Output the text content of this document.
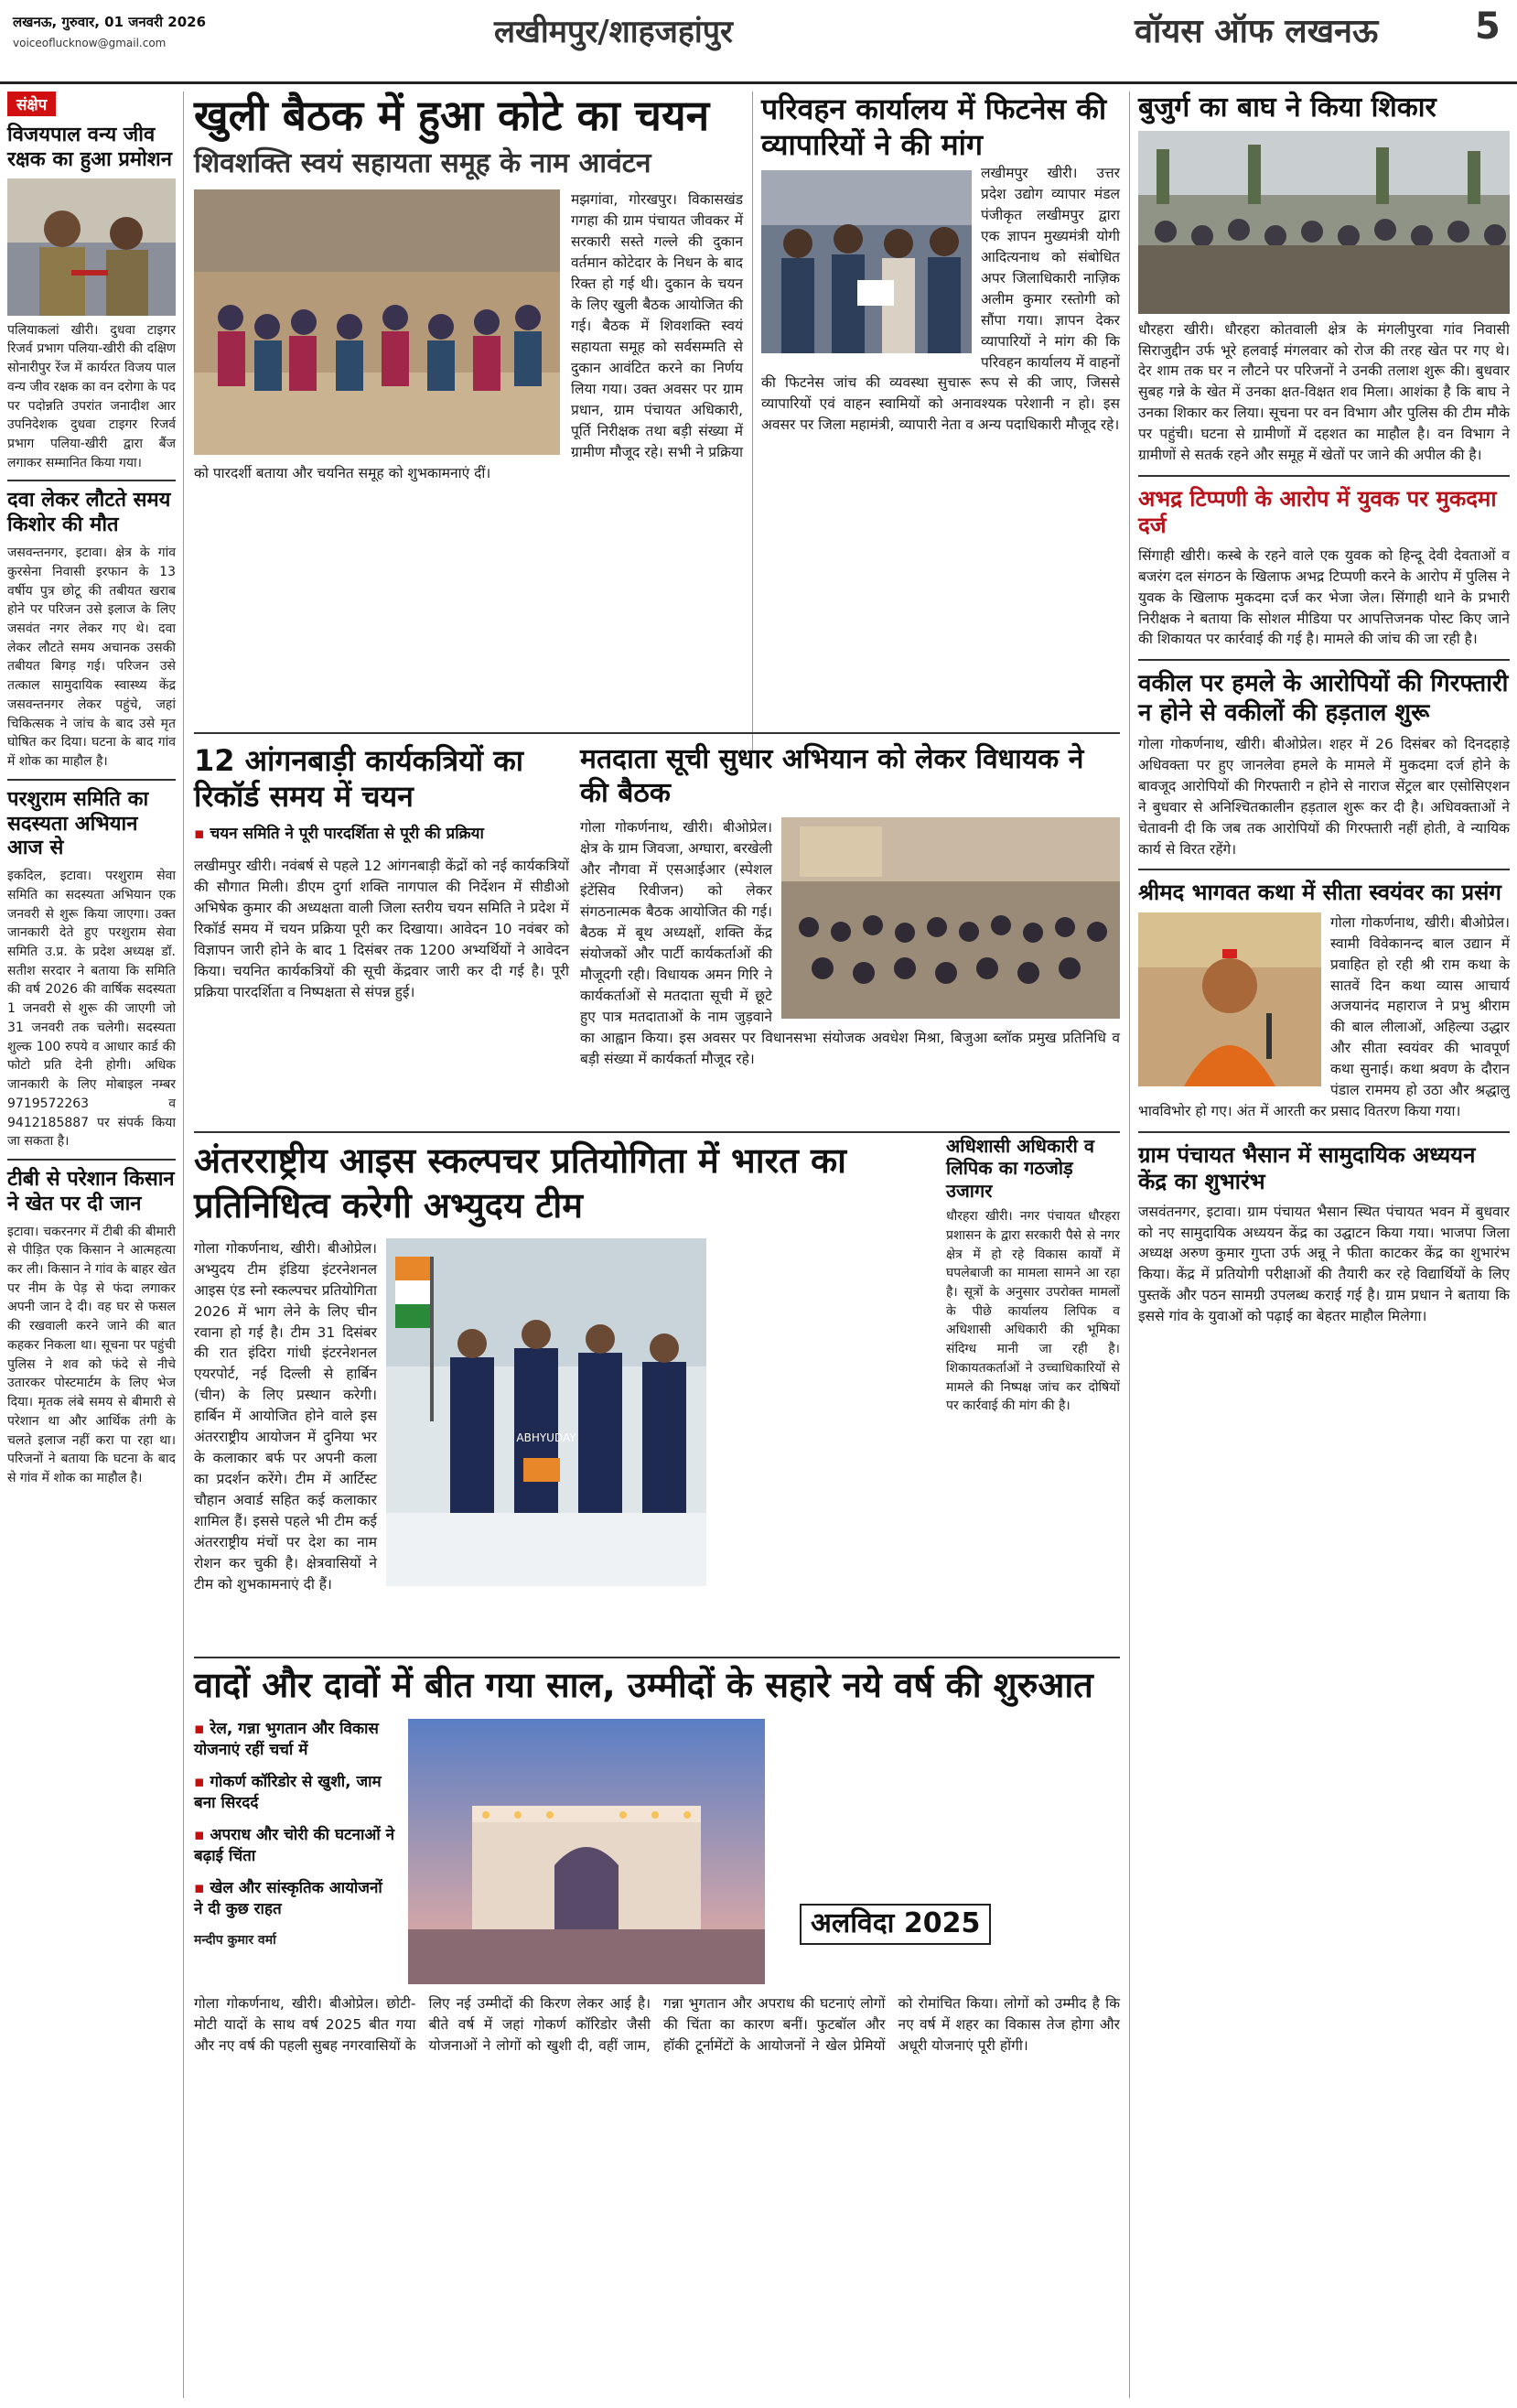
लखनऊ, गुरुवार, 01 जनवरी 2026
voiceoflucknow@gmail.com	लखीमपुर/शाहजहांपुर	वॉयस ऑफ लखनऊ	5
संक्षेप
विजयपाल वन्य जीव रक्षक का हुआ प्रमोशन
पलियाकलां खीरी। दुधवा टाइगर रिजर्व प्रभाग पलिया-खीरी की दक्षिण सोनारीपुर रेंज में कार्यरत विजय पाल वन्य जीव रक्षक का वन दरोगा के पद पर पदोन्नति उपरांत जनादीश आर उपनिदेशक दुधवा टाइगर रिजर्व प्रभाग पलिया-खीरी द्वारा बैंज लगाकर सम्मानित किया गया।
दवा लेकर लौटते समय किशोर की मौत
जसवन्तनगर, इटावा। क्षेत्र के गांव कुरसेना निवासी इरफान के 13 वर्षीय पुत्र छोटू की तबीयत खराब होने पर परिजन उसे इलाज के लिए जसवंत नगर लेकर गए थे। दवा लेकर लौटते समय अचानक उसकी तबीयत बिगड़ गई। परिजन उसे तत्काल सामुदायिक स्वास्थ्य केंद्र जसवन्तनगर लेकर पहुंचे, जहां चिकित्सक ने जांच के बाद उसे मृत घोषित कर दिया। घटना के बाद गांव में शोक का माहौल है।
परशुराम समिति का सदस्यता अभियान आज से
इकदिल, इटावा। परशुराम सेवा समिति का सदस्यता अभियान एक जनवरी से शुरू किया जाएगा। उक्त जानकारी देते हुए परशुराम सेवा समिति उ.प्र. के प्रदेश अध्यक्ष डॉ. सतीश सरदार ने बताया कि समिति की वर्ष 2026 की वार्षिक सदस्यता 1 जनवरी से शुरू की जाएगी जो 31 जनवरी तक चलेगी। सदस्यता शुल्क 100 रुपये व आधार कार्ड की फोटो प्रति देनी होगी। अधिक जानकारी के लिए मोबाइल नम्बर 9719572263 व 9412185887 पर संपर्क किया जा सकता है।
टीबी से परेशान किसान ने खेत पर दी जान
इटावा। चकरनगर में टीबी की बीमारी से पीड़ित एक किसान ने आत्महत्या कर ली। किसान ने गांव के बाहर खेत पर नीम के पेड़ से फंदा लगाकर अपनी जान दे दी। वह घर से फसल की रखवाली करने जाने की बात कहकर निकला था। सूचना पर पहुंची पुलिस ने शव को फंदे से नीचे उतारकर पोस्टमार्टम के लिए भेज दिया। मृतक लंबे समय से बीमारी से परेशान था और आर्थिक तंगी के चलते इलाज नहीं करा पा रहा था। परिजनों ने बताया कि घटना के बाद से गांव में शोक का माहौल है।
खुली बैठक में हुआ कोटे का चयन
शिवशक्ति स्वयं सहायता समूह के नाम आवंटन
मझगांवा, गोरखपुर। विकासखंड गगहा की ग्राम पंचायत जीवकर में सरकारी सस्ते गल्ले की दुकान वर्तमान कोटेदार के निधन के बाद रिक्त हो गई थी। दुकान के चयन के लिए खुली बैठक आयोजित की गई। बैठक में शिवशक्ति स्वयं सहायता समूह को सर्वसम्मति से दुकान आवंटित करने का निर्णय लिया गया। उक्त अवसर पर ग्राम प्रधान, ग्राम पंचायत अधिकारी, पूर्ति निरीक्षक तथा बड़ी संख्या में ग्रामीण मौजूद रहे। सभी ने प्रक्रिया को पारदर्शी बताया और चयनित समूह को शुभकामनाएं दीं।
परिवहन कार्यालय में फिटनेस की व्यापारियों ने की मांग
लखीमपुर खीरी। उत्तर प्रदेश उद्योग व्यापार मंडल पंजीकृत लखीमपुर द्वारा एक ज्ञापन मुख्यमंत्री योगी आदित्यनाथ को संबोधित अपर जिलाधिकारी नाज़िक अलीम कुमार रस्तोगी को सौंपा गया। ज्ञापन देकर व्यापारियों ने मांग की कि परिवहन कार्यालय में वाहनों की फिटनेस जांच की व्यवस्था सुचारू रूप से की जाए, जिससे व्यापारियों एवं वाहन स्वामियों को अनावश्यक परेशानी न हो। इस अवसर पर जिला महामंत्री, व्यापारी नेता व अन्य पदाधिकारी मौजूद रहे।
बुजुर्ग का बाघ ने किया शिकार
धौरहरा खीरी। धौरहरा कोतवाली क्षेत्र के मंगलीपुरवा गांव निवासी सिराजुद्दीन उर्फ भूरे हलवाई मंगलवार को रोज की तरह खेत पर गए थे। देर शाम तक घर न लौटने पर परिजनों ने उनकी तलाश शुरू की। बुधवार सुबह गन्ने के खेत में उनका क्षत-विक्षत शव मिला। आशंका है कि बाघ ने उनका शिकार कर लिया। सूचना पर वन विभाग और पुलिस की टीम मौके पर पहुंची। घटना से ग्रामीणों में दहशत का माहौल है। वन विभाग ने ग्रामीणों से सतर्क रहने और समूह में खेतों पर जाने की अपील की है।
अभद्र टिप्पणी के आरोप में युवक पर मुकदमा दर्ज
सिंगाही खीरी। कस्बे के रहने वाले एक युवक को हिन्दू देवी देवताओं व बजरंग दल संगठन के खिलाफ अभद्र टिप्पणी करने के आरोप में पुलिस ने युवक के खिलाफ मुकदमा दर्ज कर भेजा जेल। सिंगाही थाने के प्रभारी निरीक्षक ने बताया कि सोशल मीडिया पर आपत्तिजनक पोस्ट किए जाने की शिकायत पर कार्रवाई की गई है। मामले की जांच की जा रही है।
वकील पर हमले के आरोपियों की गिरफ्तारी न होने से वकीलों की हड़ताल शुरू
गोला गोकर्णनाथ, खीरी। बीओप्रेल। शहर में 26 दिसंबर को दिनदहाड़े अधिवक्ता पर हुए जानलेवा हमले के मामले में मुकदमा दर्ज होने के बावजूद आरोपियों की गिरफ्तारी न होने से नाराज सेंट्रल बार एसोसिएशन ने बुधवार से अनिश्चितकालीन हड़ताल शुरू कर दी है। अधिवक्ताओं ने चेतावनी दी कि जब तक आरोपियों की गिरफ्तारी नहीं होती, वे न्यायिक कार्य से विरत रहेंगे।
श्रीमद भागवत कथा में सीता स्वयंवर का प्रसंग
गोला गोकर्णनाथ, खीरी। बीओप्रेल। स्वामी विवेकानन्द बाल उद्यान में प्रवाहित हो रही श्री राम कथा के सातवें दिन कथा व्यास आचार्य अजयानंद महाराज ने प्रभु श्रीराम की बाल लीलाओं, अहिल्या उद्धार और सीता स्वयंवर की भावपूर्ण कथा सुनाई। कथा श्रवण के दौरान पंडाल राममय हो उठा और श्रद्धालु भावविभोर हो गए। अंत में आरती कर प्रसाद वितरण किया गया।
ग्राम पंचायत भैसान में सामुदायिक अध्ययन केंद्र का शुभारंभ
जसवंतनगर, इटावा। ग्राम पंचायत भैसान स्थित पंचायत भवन में बुधवार को नए सामुदायिक अध्ययन केंद्र का उद्घाटन किया गया। भाजपा जिला अध्यक्ष अरुण कुमार गुप्ता उर्फ अन्नू ने फीता काटकर केंद्र का शुभारंभ किया। केंद्र में प्रतियोगी परीक्षाओं की तैयारी कर रहे विद्यार्थियों के लिए पुस्तकें और पठन सामग्री उपलब्ध कराई गई है। ग्राम प्रधान ने बताया कि इससे गांव के युवाओं को पढ़ाई का बेहतर माहौल मिलेगा।
12 आंगनबाड़ी कार्यकत्रियों का रिकॉर्ड समय में चयन
▪ चयन समिति ने पूरी पारदर्शिता से पूरी की प्रक्रिया
लखीमपुर खीरी। नवंबर्ष से पहले 12 आंगनबाड़ी केंद्रों को नई कार्यकत्रियों की सौगात मिली। डीएम दुर्गा शक्ति नागपाल की निर्देशन में सीडीओ अभिषेक कुमार की अध्यक्षता वाली जिला स्तरीय चयन समिति ने प्रदेश में रिकॉर्ड समय में चयन प्रक्रिया पूरी कर दिखाया। आवेदन 10 नवंबर को विज्ञापन जारी होने के बाद 1 दिसंबर तक 1200 अभ्यर्थियों ने आवेदन किया। चयनित कार्यकत्रियों की सूची केंद्रवार जारी कर दी गई है। पूरी प्रक्रिया पारदर्शिता व निष्पक्षता से संपन्न हुई।
मतदाता सूची सुधार अभियान को लेकर विधायक ने की बैठक
गोला गोकर्णनाथ, खीरी। बीओप्रेल। क्षेत्र के ग्राम जिवजा, अग्घारा, बरखेली और नौगवा में एसआईआर (स्पेशल इंटेंसिव रिवीजन) को लेकर संगठनात्मक बैठक आयोजित की गई। बैठक में बूथ अध्यक्षों, शक्ति केंद्र संयोजकों और पार्टी कार्यकर्ताओं की मौजूदगी रही। विधायक अमन गिरि ने कार्यकर्ताओं से मतदाता सूची में छूटे हुए पात्र मतदाताओं के नाम जुड़वाने का आह्वान किया। इस अवसर पर विधानसभा संयोजक अवधेश मिश्रा, बिजुआ ब्लॉक प्रमुख प्रतिनिधि व बड़ी संख्या में कार्यकर्ता मौजूद रहे।
अधिशासी अधिकारी व लिपिक का गठजोड़ उजागर
धौरहरा खीरी। नगर पंचायत धौरहरा प्रशासन के द्वारा सरकारी पैसे से नगर क्षेत्र में हो रहे विकास कार्यों में घपलेबाजी का मामला सामने आ रहा है। सूत्रों के अनुसार उपरोक्त मामलों के पीछे कार्यालय लिपिक व अधिशासी अधिकारी की भूमिका संदिग्ध मानी जा रही है। शिकायतकर्ताओं ने उच्चाधिकारियों से मामले की निष्पक्ष जांच कर दोषियों पर कार्रवाई की मांग की है।
अंतरराष्ट्रीय आइस स्कल्पचर प्रतियोगिता में भारत का प्रतिनिधित्व करेगी अभ्युदय टीम
गोला गोकर्णनाथ, खीरी। बीओप्रेल। अभ्युदय टीम इंडिया इंटरनेशनल आइस एंड स्नो स्कल्पचर प्रतियोगिता 2026 में भाग लेने के लिए चीन रवाना हो गई है। टीम 31 दिसंबर की रात इंदिरा गांधी इंटरनेशनल एयरपोर्ट, नई दिल्ली से हार्बिन (चीन) के लिए प्रस्थान करेगी। हार्बिन में आयोजित होने वाले इस अंतरराष्ट्रीय आयोजन में दुनिया भर के कलाकार बर्फ पर अपनी कला का प्रदर्शन करेंगे। टीम में आर्टिस्ट चौहान अवार्ड सहित कई कलाकार शामिल हैं। इससे पहले भी टीम कई अंतरराष्ट्रीय मंचों पर देश का नाम रोशन कर चुकी है। क्षेत्रवासियों ने टीम को शुभकामनाएं दी हैं।
ABHYUDAY
वादों और दावों में बीत गया साल, उम्मीदों के सहारे नये वर्ष की शुरुआत
▪ रेल, गन्ना भुगतान और विकास योजनाएं रहीं चर्चा में
▪ गोकर्ण कॉरिडोर से खुशी, जाम बना सिरदर्द
▪ अपराध और चोरी की घटनाओं ने बढ़ाई चिंता
▪ खेल और सांस्कृतिक आयोजनों ने दी कुछ राहत
मन्दीप कुमार वर्मा
अलविदा 2025
गोला गोकर्णनाथ, खीरी। बीओप्रेल। छोटी-मोटी यादों के साथ वर्ष 2025 बीत गया और नए वर्ष की पहली सुबह नगरवासियों के लिए नई उम्मीदों की किरण लेकर आई है। बीते वर्ष में जहां गोकर्ण कॉरिडोर जैसी योजनाओं ने लोगों को खुशी दी, वहीं जाम, गन्ना भुगतान और अपराध की घटनाएं लोगों की चिंता का कारण बनीं। फुटबॉल और हॉकी टूर्नामेंटों के आयोजनों ने खेल प्रेमियों को रोमांचित किया। लोगों को उम्मीद है कि नए वर्ष में शहर का विकास तेज होगा और अधूरी योजनाएं पूरी होंगी।
